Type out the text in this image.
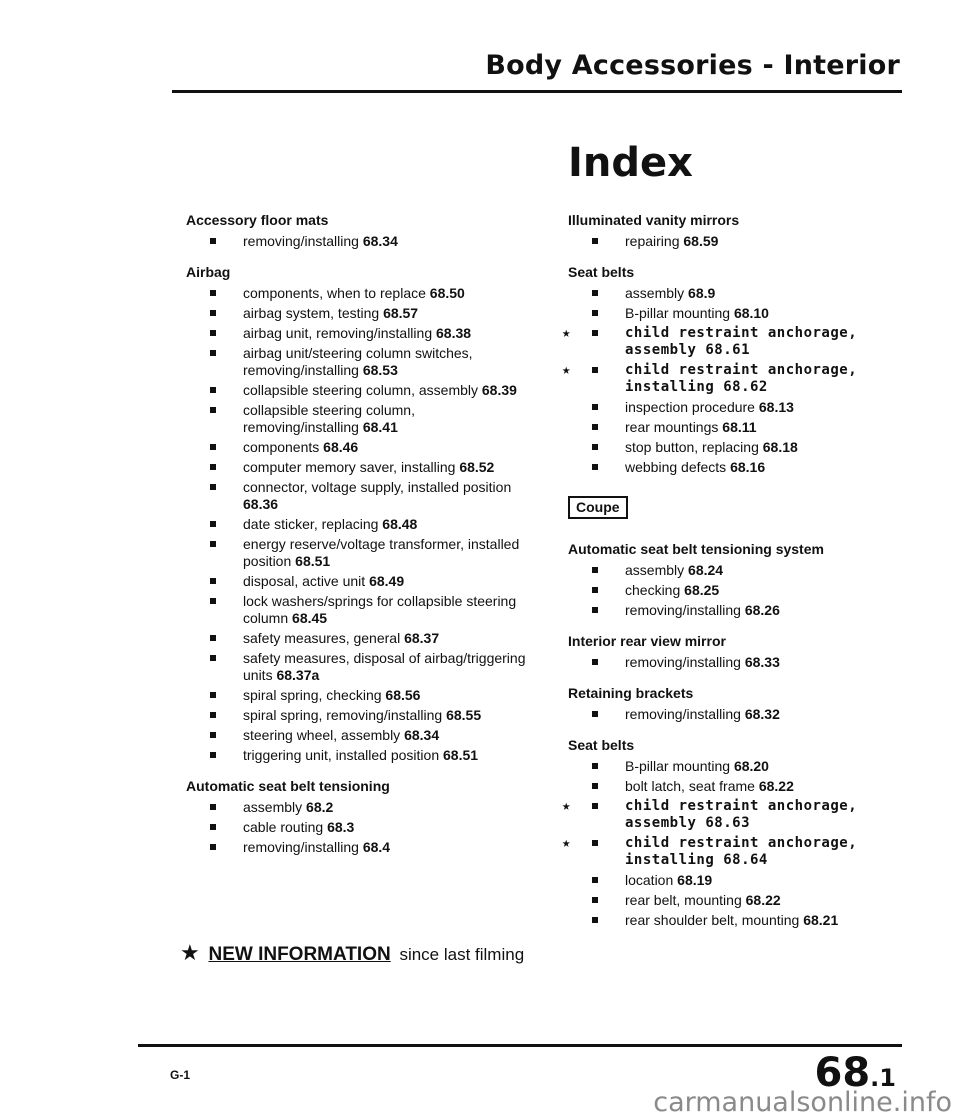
Body Accessories - Interior
Index
Accessory floor mats
removing/installing 68.34
Airbag
components, when to replace 68.50
airbag system, testing 68.57
airbag unit, removing/installing 68.38
airbag unit/steering column switches, removing/installing 68.53
collapsible steering column, assembly 68.39
collapsible steering column, removing/installing 68.41
components 68.46
computer memory saver, installing 68.52
connector, voltage supply, installed position 68.36
date sticker, replacing 68.48
energy reserve/voltage transformer, installed position 68.51
disposal, active unit 68.49
lock washers/springs for collapsible steering column 68.45
safety measures, general 68.37
safety measures, disposal of airbag/triggering units 68.37a
spiral spring, checking 68.56
spiral spring, removing/installing 68.55
steering wheel, assembly 68.34
triggering unit, installed position 68.51
Automatic seat belt tensioning
assembly 68.2
cable routing 68.3
removing/installing 68.4
Illuminated vanity mirrors
repairing 68.59
Seat belts
assembly 68.9
B-pillar mounting 68.10
★	child restraint anchorage, assembly 68.61
★	child restraint anchorage, installing 68.62
inspection procedure 68.13
rear mountings 68.11
stop button, replacing 68.18
webbing defects 68.16
Coupe
Automatic seat belt tensioning system
assembly 68.24
checking 68.25
removing/installing 68.26
Interior rear view mirror
removing/installing 68.33
Retaining brackets
removing/installing 68.32
Seat belts
B-pillar mounting 68.20
bolt latch, seat frame 68.22
★	child restraint anchorage, assembly 68.63
★	child restraint anchorage, installing 68.64
location 68.19
rear belt, mounting 68.22
rear shoulder belt, mounting 68.21
★ NEW INFORMATION since last filming
G-1	68.1
carmanualsonline.info
